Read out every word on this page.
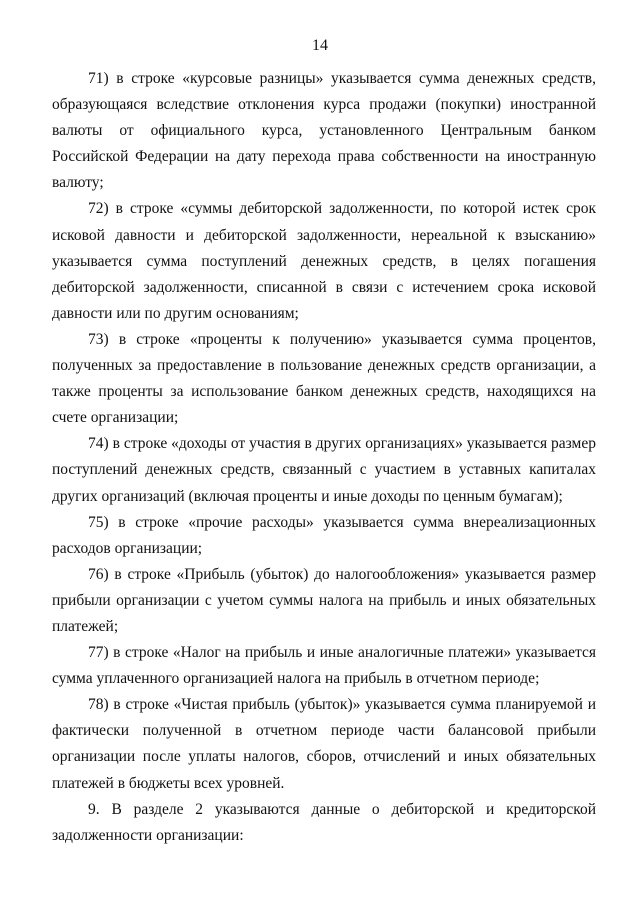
14

71) в строке «курсовые разницы» указывается сумма денежных средств, образующаяся вследствие отклонения курса продажи (покупки) иностранной валюты от официального курса, установленного Центральным банком Российской Федерации на дату перехода права собственности на иностранную валюту;

72) в строке «суммы дебиторской задолженности, по которой истек срок исковой давности и дебиторской задолженности, нереальной к взысканию» указывается сумма поступлений денежных средств, в целях погашения дебиторской задолженности, списанной в связи с истечением срока исковой давности или по другим основаниям;

73) в строке «проценты к получению» указывается сумма процентов, полученных за предоставление в пользование денежных средств организации, а также проценты за использование банком денежных средств, находящихся на счете организации;

74) в строке «доходы от участия в других организациях» указывается размер поступлений денежных средств, связанный с участием в уставных капиталах других организаций (включая проценты и иные доходы по ценным бумагам);

75) в строке «прочие расходы» указывается сумма внереализационных расходов организации;

76) в строке «Прибыль (убыток) до налогообложения» указывается размер прибыли организации с учетом суммы налога на прибыль и иных обязательных платежей;

77) в строке «Налог на прибыль и иные аналогичные платежи» указывается сумма уплаченного организацией налога на прибыль в отчетном периоде;

78) в строке «Чистая прибыль (убыток)» указывается сумма планируемой и фактически полученной в отчетном периоде части балансовой прибыли организации после уплаты налогов, сборов, отчислений и иных обязательных платежей в бюджеты всех уровней.

9. В разделе 2 указываются данные о дебиторской и кредиторской задолженности организации:
